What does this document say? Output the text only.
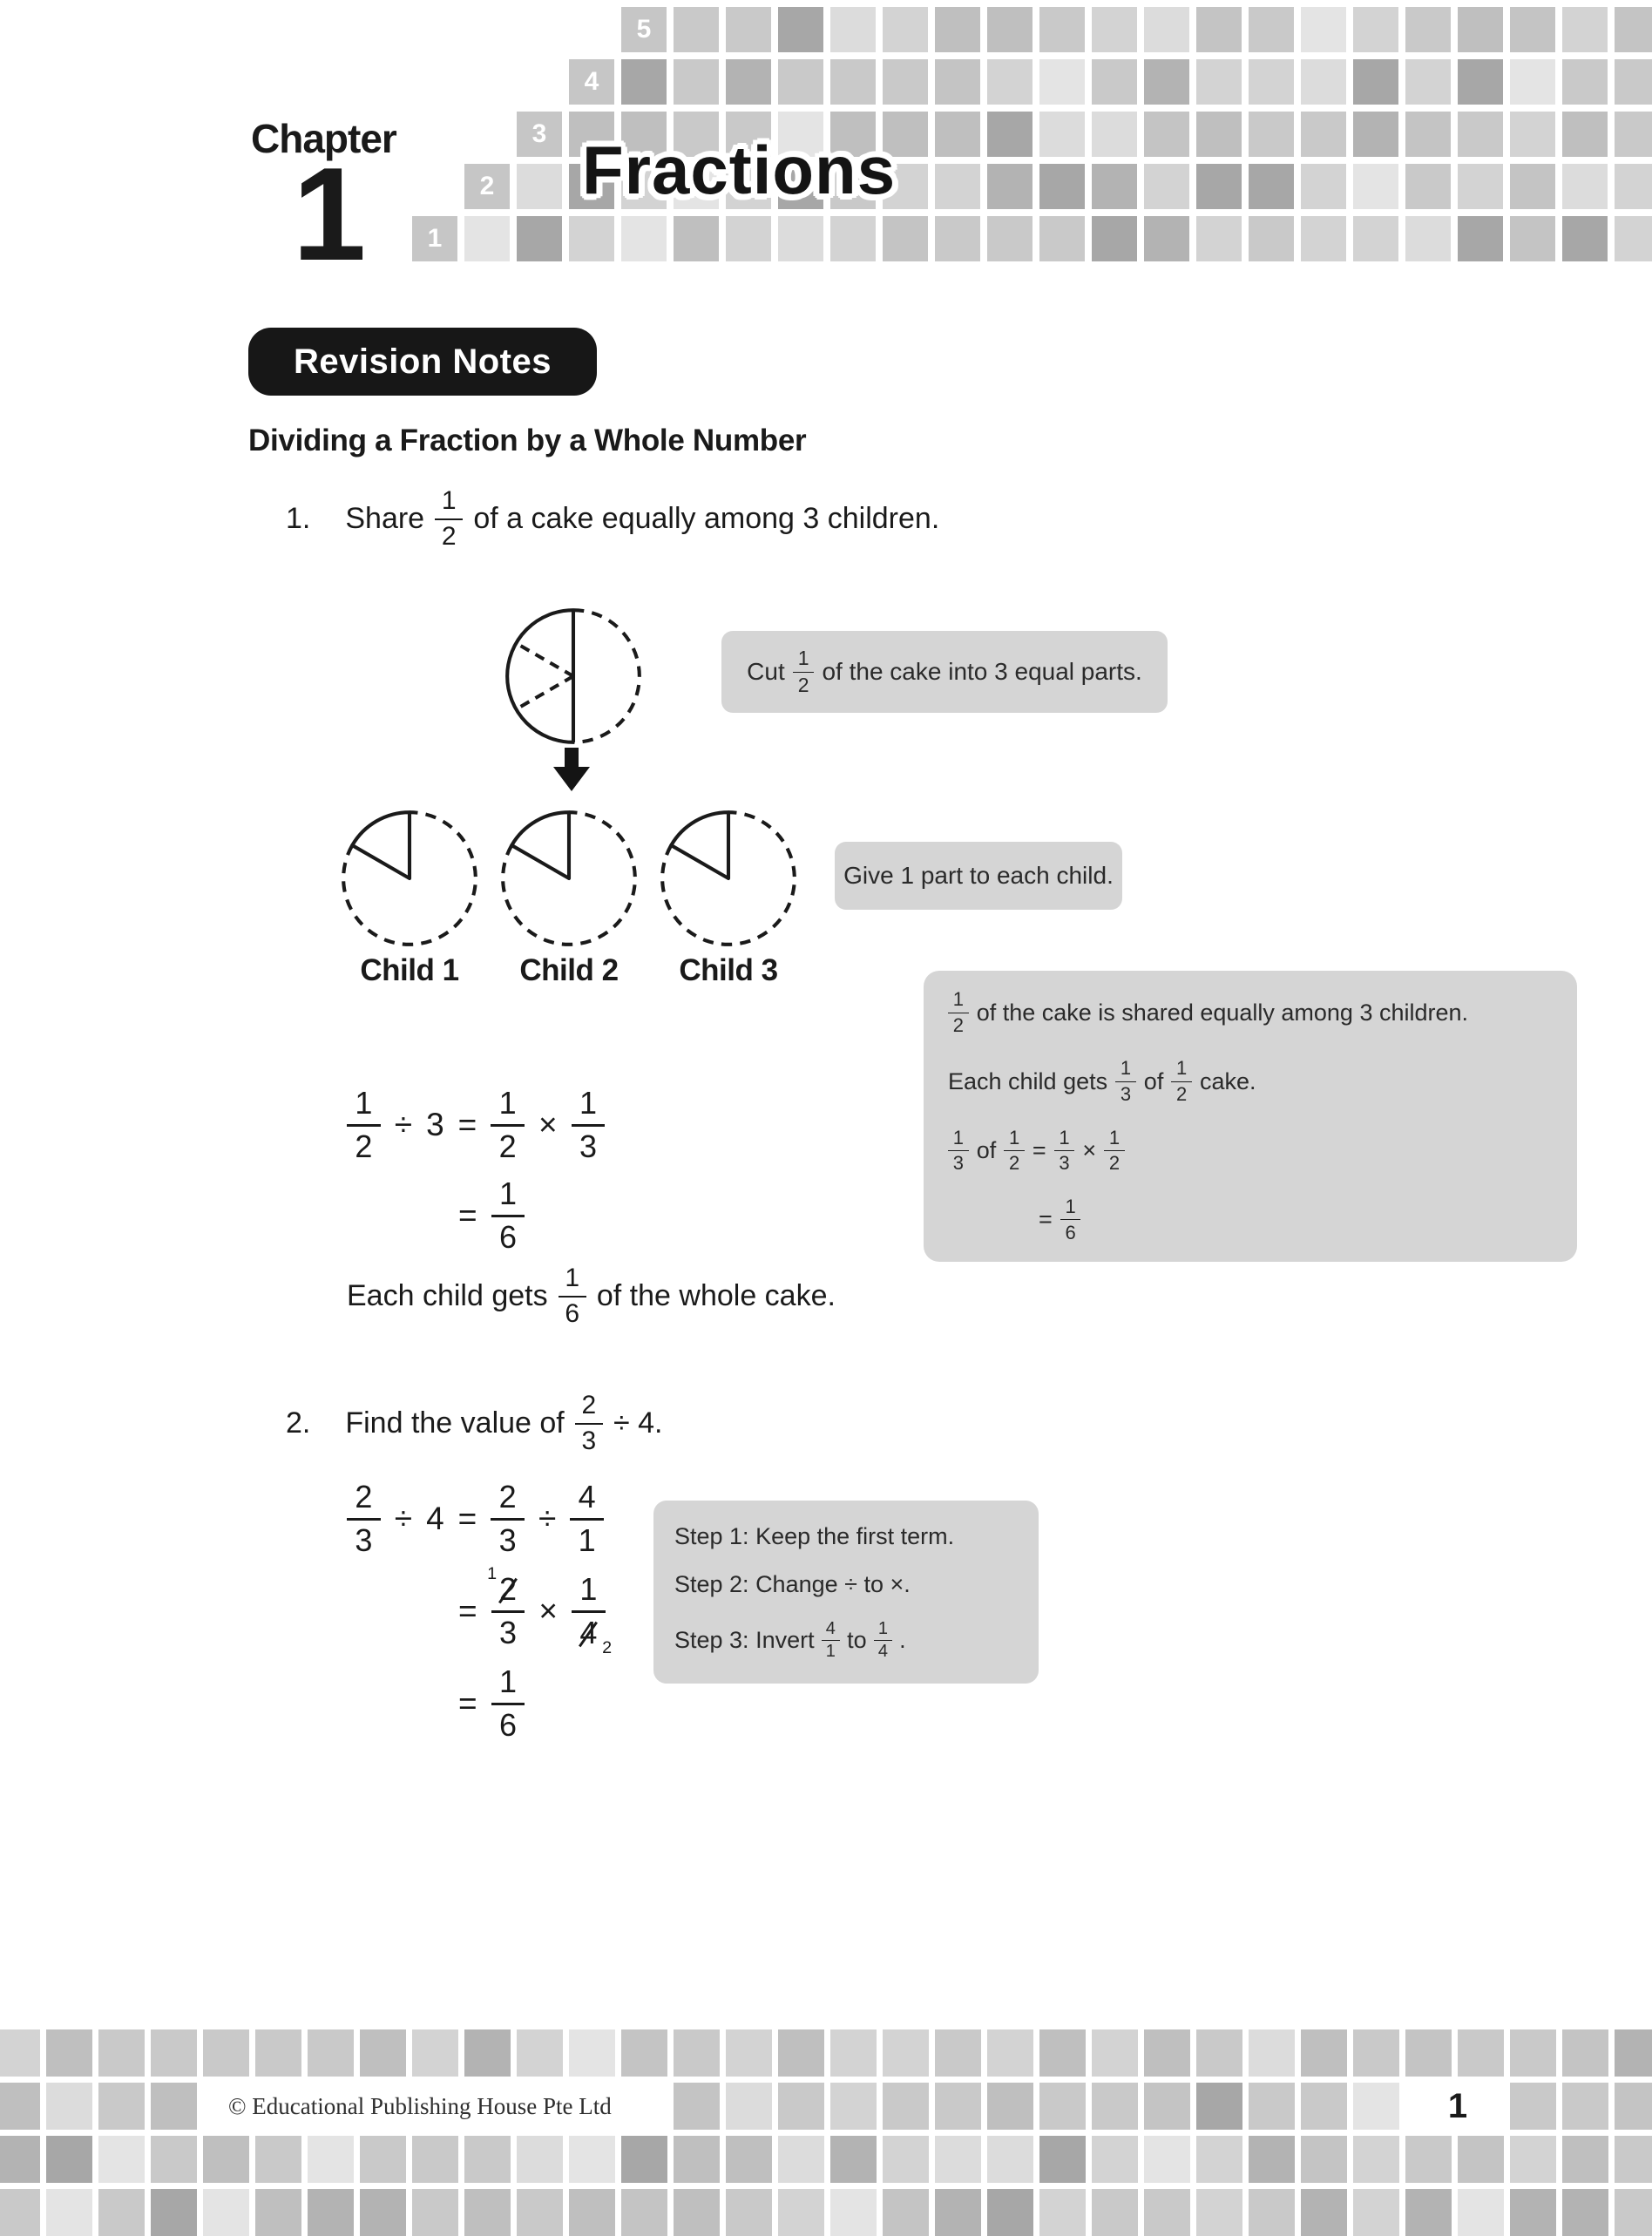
5
4
3
2
1
Chapter
1	Fractions
Revision Notes
Dividing a Fraction by a Whole Number
1. Share $\frac{1}{2}$ of a cake equally among 3 children.
Cut $\frac{1}{2}$ of the cake into 3 equal parts.
Child 1	Child 2	Child 3
Give 1 part to each child.
$\frac{1}{2}$ of the cake is shared equally among 3 children.
Each child gets $\frac{1}{3}$ of $\frac{1}{2}$ cake.
$\frac{1}{3}$ of $\frac{1}{2} = \frac{1}{3} \times \frac{1}{2}$
= $\frac{1}{6}$
$\frac{1}{2} \div 3 = \frac{1}{2} \times \frac{1}{3}$
= $\frac{1}{6}$
Each child gets $\frac{1}{6}$ of the whole cake.
2. Find the value of $\frac{2}{3} \div 4$.
$\frac{2}{3} \div 4 = \frac{2}{3} \div \frac{4}{1}$
= $\frac{1 2}{3} \times \frac{1}{4 2}$
= $\frac{1}{6}$
Step 1: Keep the first term.
Step 2: Change ÷ to ×.
Step 3: Invert $\frac{4}{1}$ to $\frac{1}{4}$ .
© Educational Publishing House Pte Ltd	1
